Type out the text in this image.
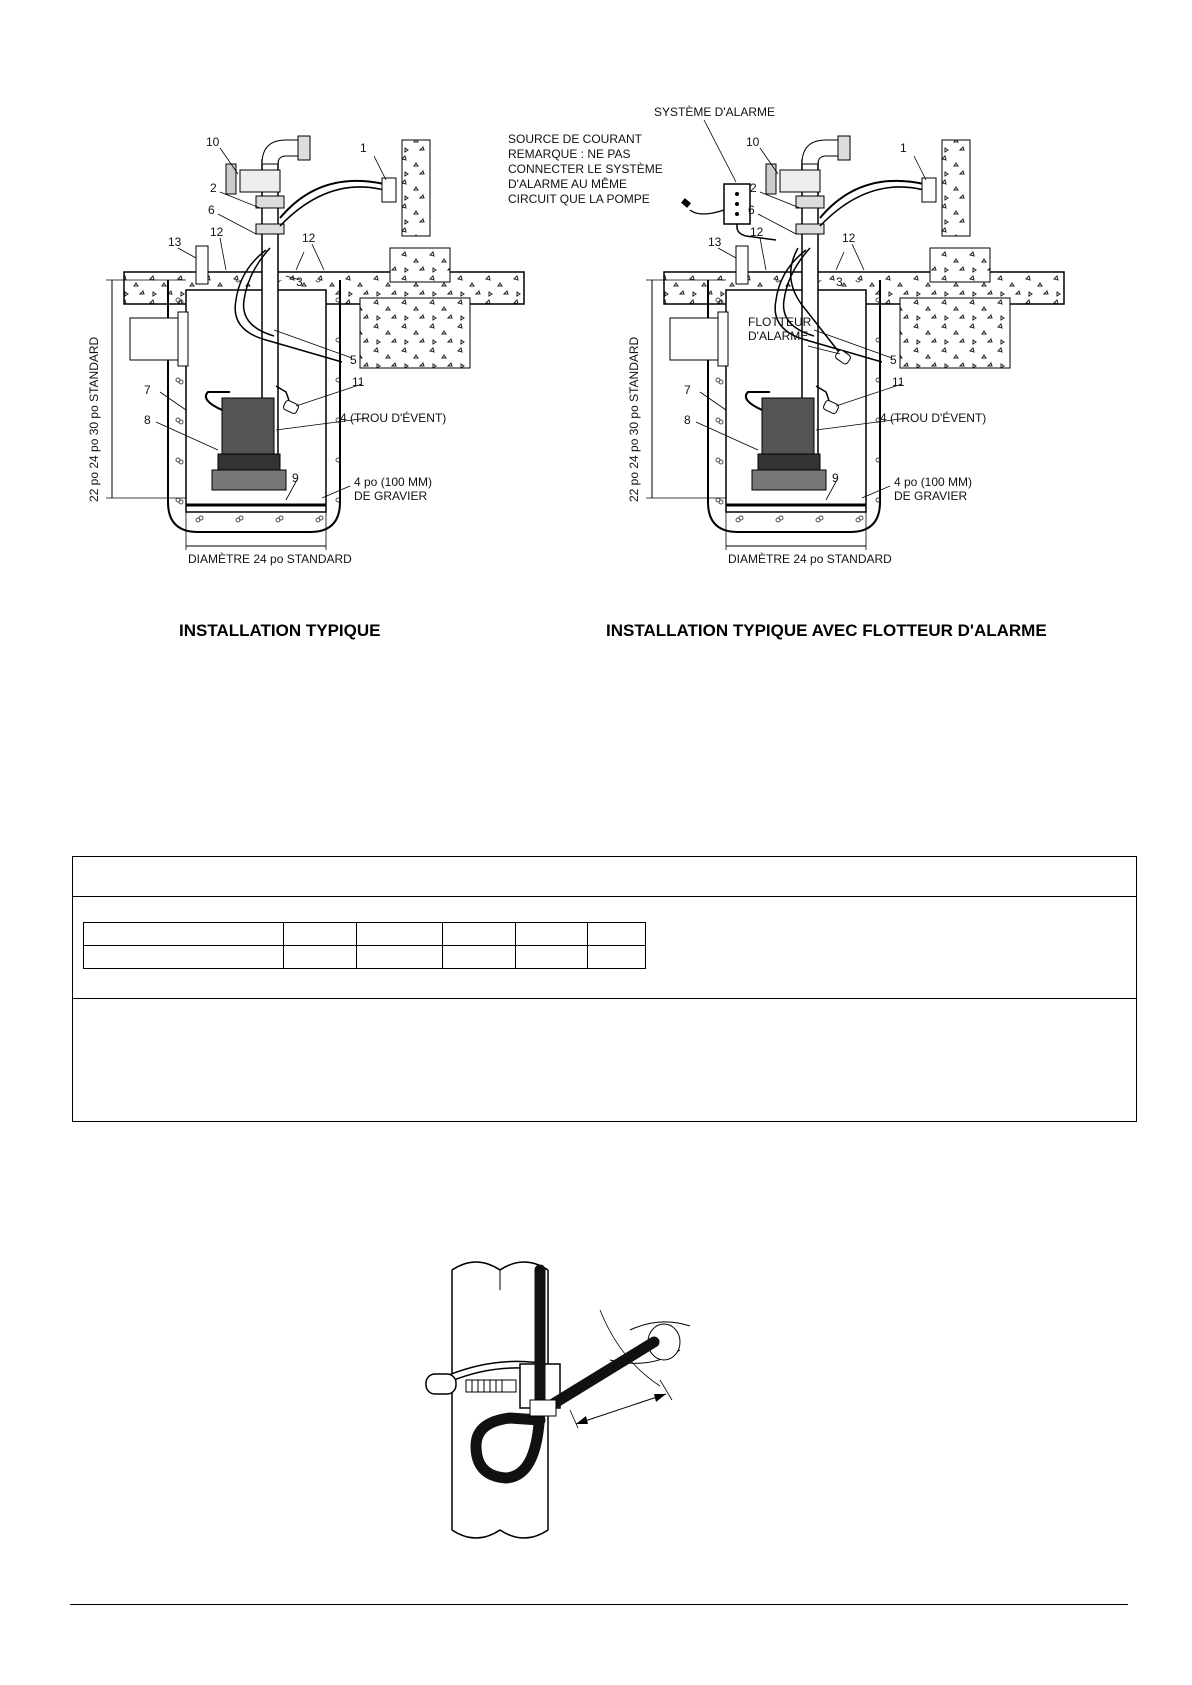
10
2
6
1
13
12	12
3
5
11
4 (TROU D'ÉVENT)
7
8
9	4 po (100 MM)
DE GRAVIER
DIAMÈTRE 24 po STANDARD
22 po 24 po 30 po STANDARD
INSTALLATION TYPIQUE
SYSTÈME D'ALARME
SOURCE DE COURANT
REMARQUE : NE PAS
CONNECTER LE SYSTÈME
D'ALARME AU MÊME
CIRCUIT QUE LA POMPE
10
2
6
1
13
12	12
3
FLOTTEUR
D'ALARME
5
11
4 (TROU D'ÉVENT)
7
8
9	4 po (100 MM)
DE GRAVIER
DIAMÈTRE 24 po STANDARD
22 po 24 po 30 po STANDARD
INSTALLATION TYPIQUE AVEC FLOTTEUR D'ALARME
